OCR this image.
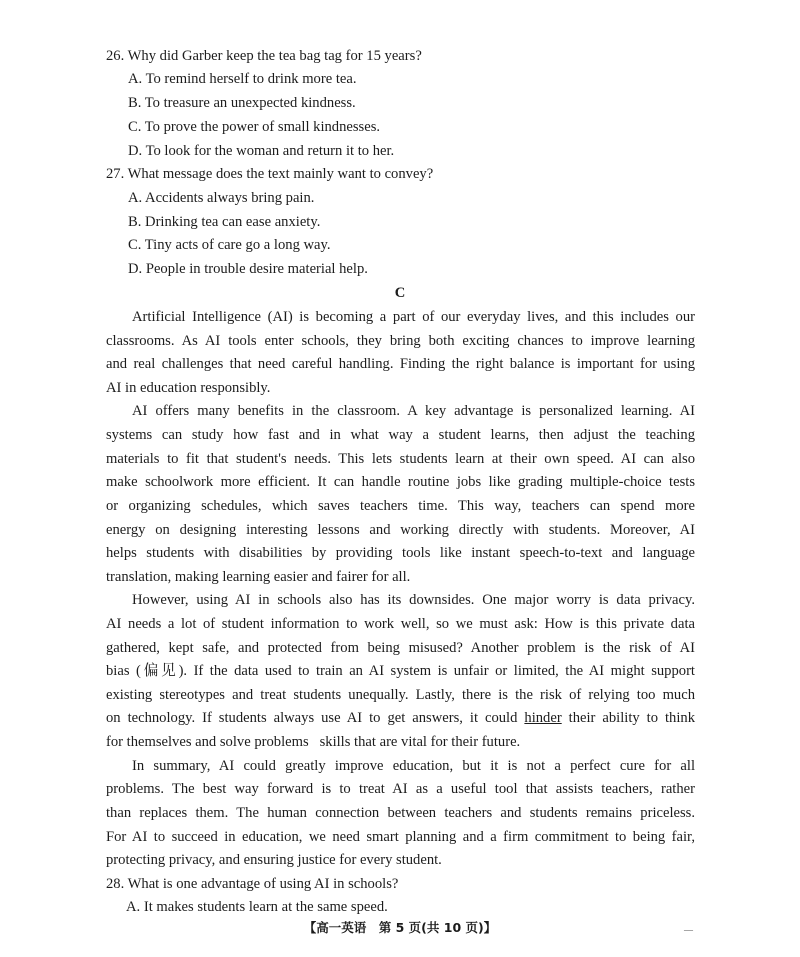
26. Why did Garber keep the tea bag tag for 15 years?
A. To remind herself to drink more tea.
B. To treasure an unexpected kindness.
C. To prove the power of small kindnesses.
D. To look for the woman and return it to her.
27. What message does the text mainly want to convey?
A. Accidents always bring pain.
B. Drinking tea can ease anxiety.
C. Tiny acts of care go a long way.
D. People in trouble desire material help.
C
Artificial Intelligence (AI) is becoming a part of our everyday lives, and this includes our
classrooms. As AI tools enter schools, they bring both exciting chances to improve learning
and real challenges that need careful handling. Finding the right balance is important for using
AI in education responsibly.
AI offers many benefits in the classroom. A key advantage is personalized learning. AI
systems can study how fast and in what way a student learns, then adjust the teaching
materials to fit that student's needs. This lets students learn at their own speed. AI can also
make schoolwork more efficient. It can handle routine jobs like grading multiple-choice tests
or organizing schedules, which saves teachers time. This way, teachers can spend more
energy on designing interesting lessons and working directly with students. Moreover, AI
helps students with disabilities by providing tools like instant speech-to-text and language
translation, making learning easier and fairer for all.
However, using AI in schools also has its downsides. One major worry is data privacy.
AI needs a lot of student information to work well, so we must ask: How is this private data
gathered, kept safe, and protected from being misused? Another problem is the risk of AI
bias (偏见). If the data used to train an AI system is unfair or limited, the AI might support
existing stereotypes and treat students unequally. Lastly, there is the risk of relying too much
on technology. If students always use AI to get answers, it could hinder their ability to think
for themselves and solve problems   skills that are vital for their future.
In summary, AI could greatly improve education, but it is not a perfect cure for all
problems. The best way forward is to treat AI as a useful tool that assists teachers, rather
than replaces them. The human connection between teachers and students remains priceless.
For AI to succeed in education, we need smart planning and a firm commitment to being fair,
protecting privacy, and ensuring justice for every student.
28. What is one advantage of using AI in schools?
A. It makes students learn at the same speed.
【高一英语　第 5 页(共 10 页)】	—
